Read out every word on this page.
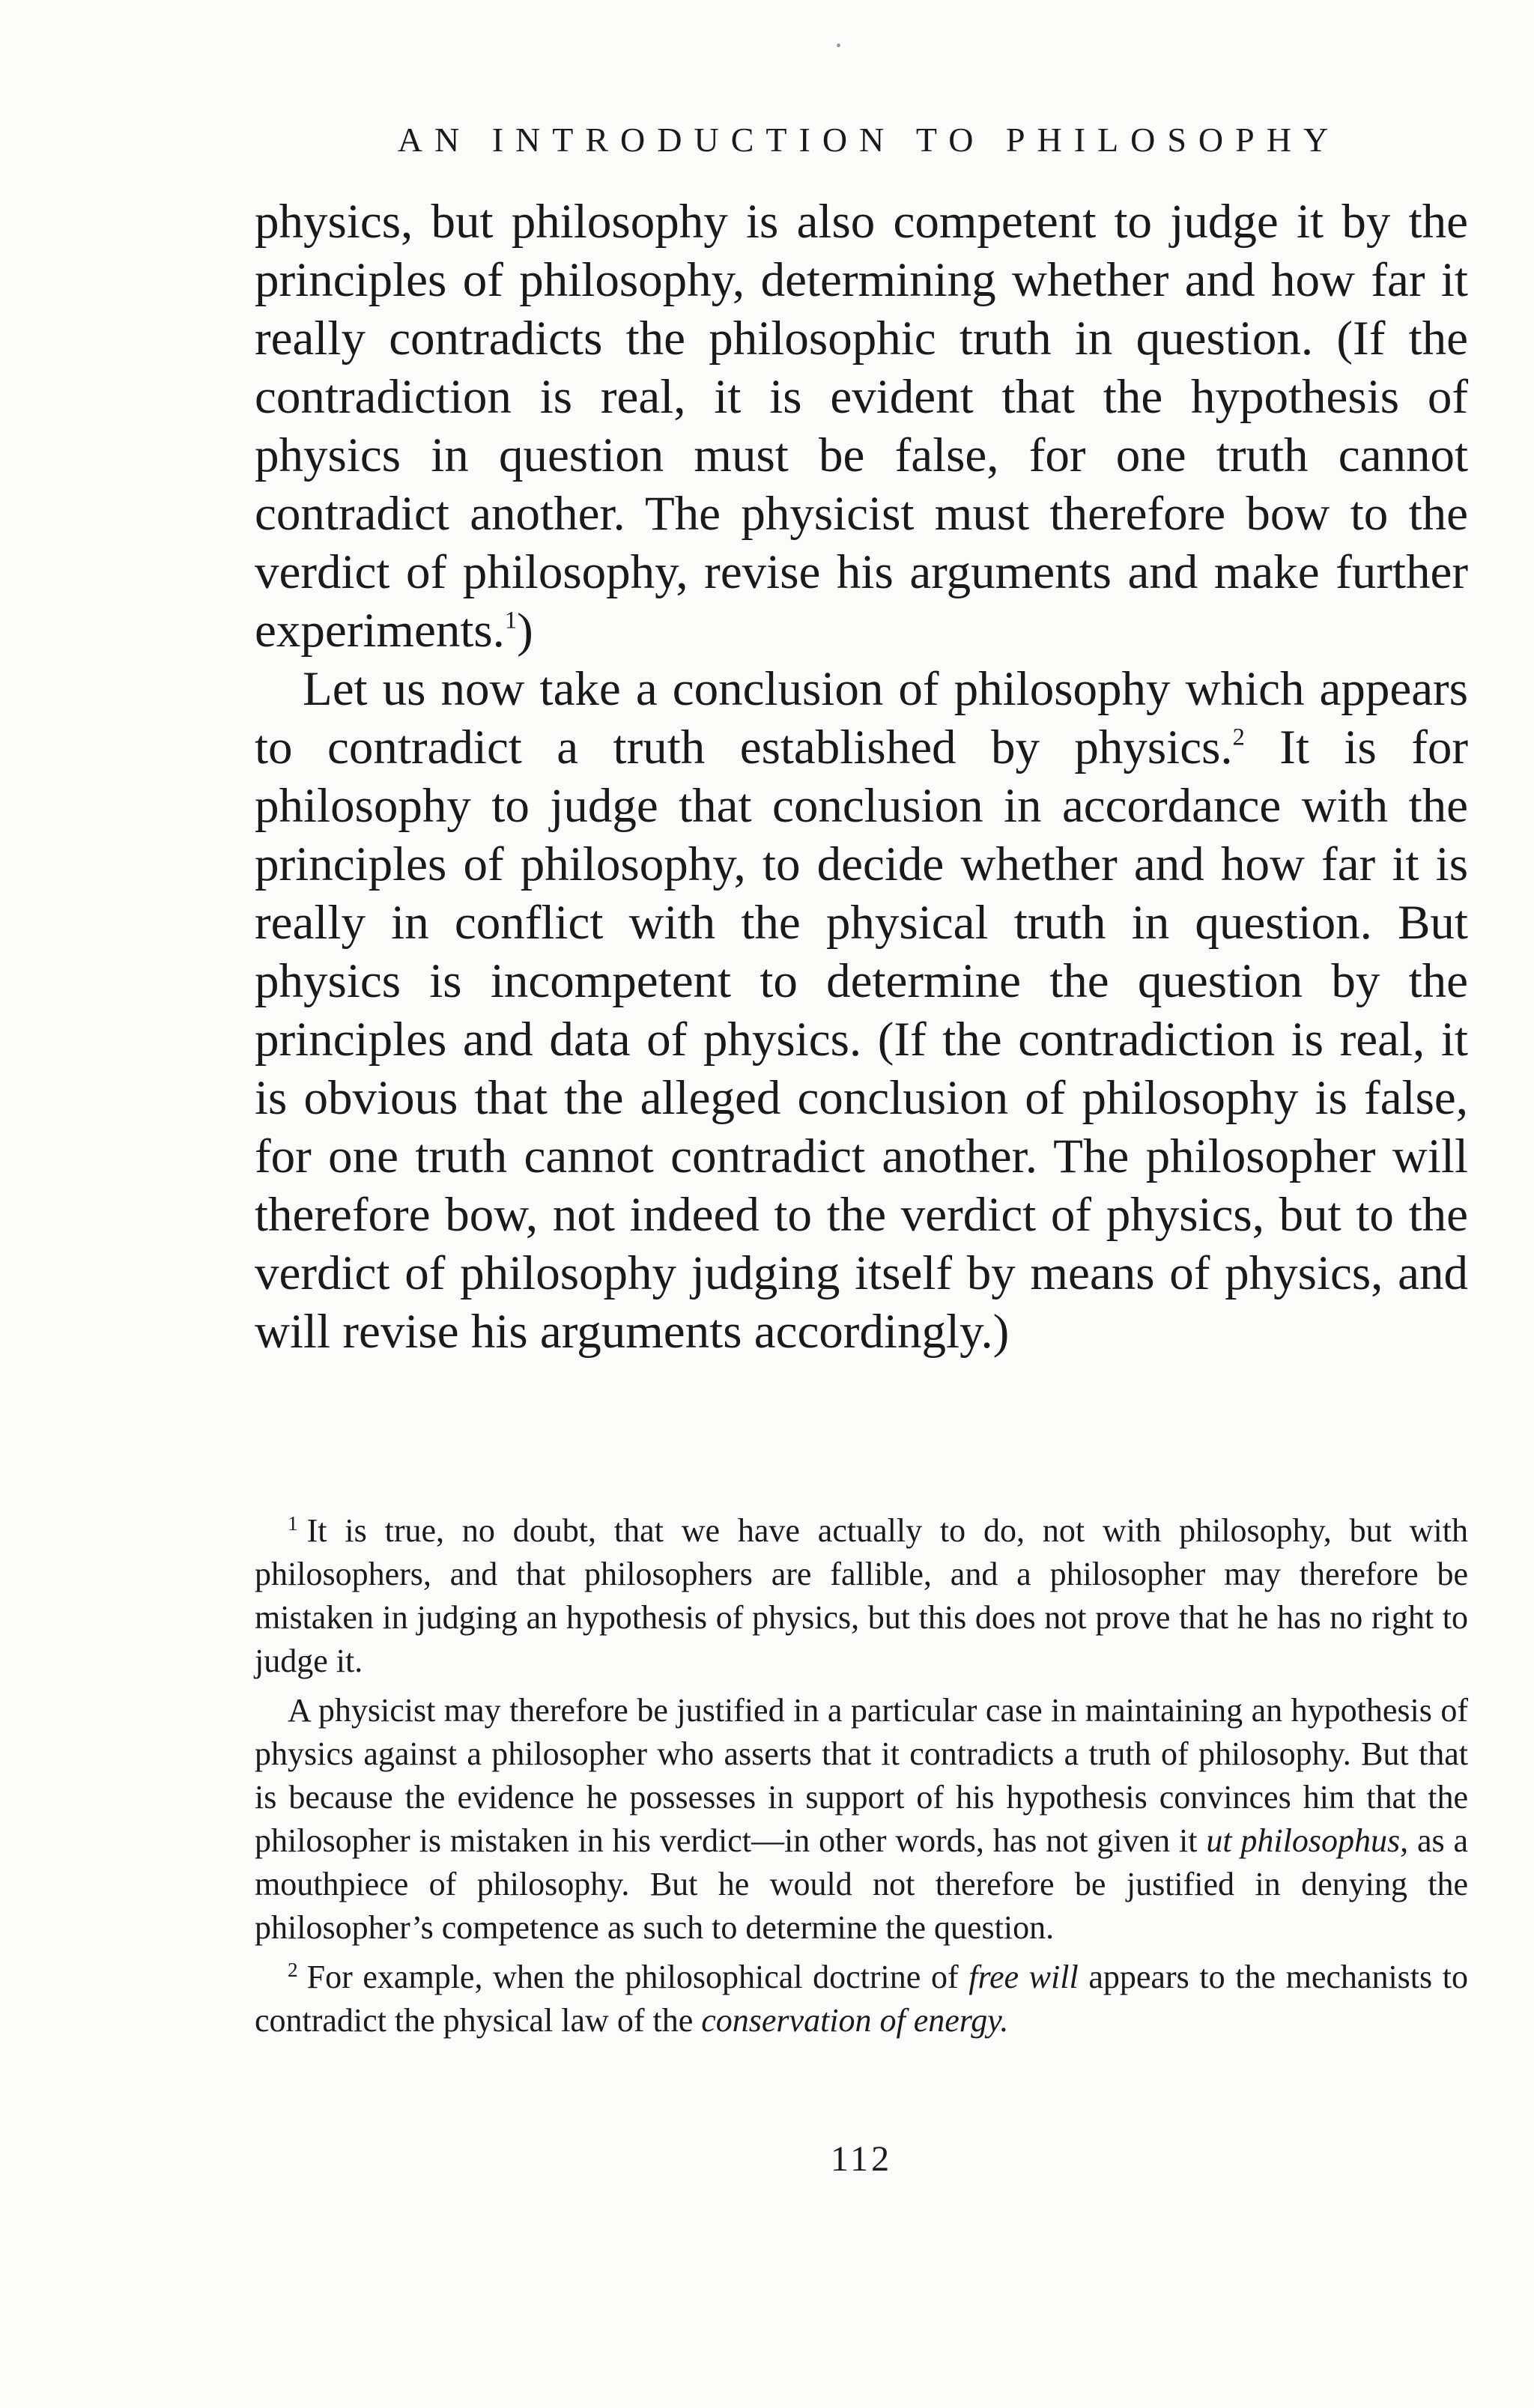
AN INTRODUCTION TO PHILOSOPHY

physics, but philosophy is also competent to judge it by the principles of philosophy, determining whether and how far it really contradicts the philosophic truth in question. (If the contradiction is real, it is evident that the hypothesis of physics in question must be false, for one truth cannot contradict another. The physicist must therefore bow to the verdict of philosophy, revise his arguments and make further experiments.$^1$)

Let us now take a conclusion of philosophy which appears to contradict a truth established by physics.$^2$ It is for philosophy to judge that conclusion in accordance with the principles of philosophy, to decide whether and how far it is really in conflict with the physical truth in question. But physics is incompetent to determine the question by the principles and data of physics. (If the contradiction is real, it is obvious that the alleged conclusion of philosophy is false, for one truth cannot contradict another. The philosopher will therefore bow, not indeed to the verdict of physics, but to the verdict of philosophy judging itself by means of physics, and will revise his arguments accordingly.)

$^1$ It is true, no doubt, that we have actually to do, not with philosophy, but with philosophers, and that philosophers are fallible, and a philosopher may therefore be mistaken in judging an hypothesis of physics, but this does not prove that he has no right to judge it.

A physicist may therefore be justified in a particular case in maintaining an hypothesis of physics against a philosopher who asserts that it contradicts a truth of philosophy. But that is because the evidence he possesses in support of his hypothesis convinces him that the philosopher is mistaken in his verdict—in other words, has not given it ut philosophus, as a mouthpiece of philosophy. But he would not therefore be justified in denying the philosopher’s competence as such to determine the question.

$^2$ For example, when the philosophical doctrine of free will appears to the mechanists to contradict the physical law of the conservation of energy.

112
